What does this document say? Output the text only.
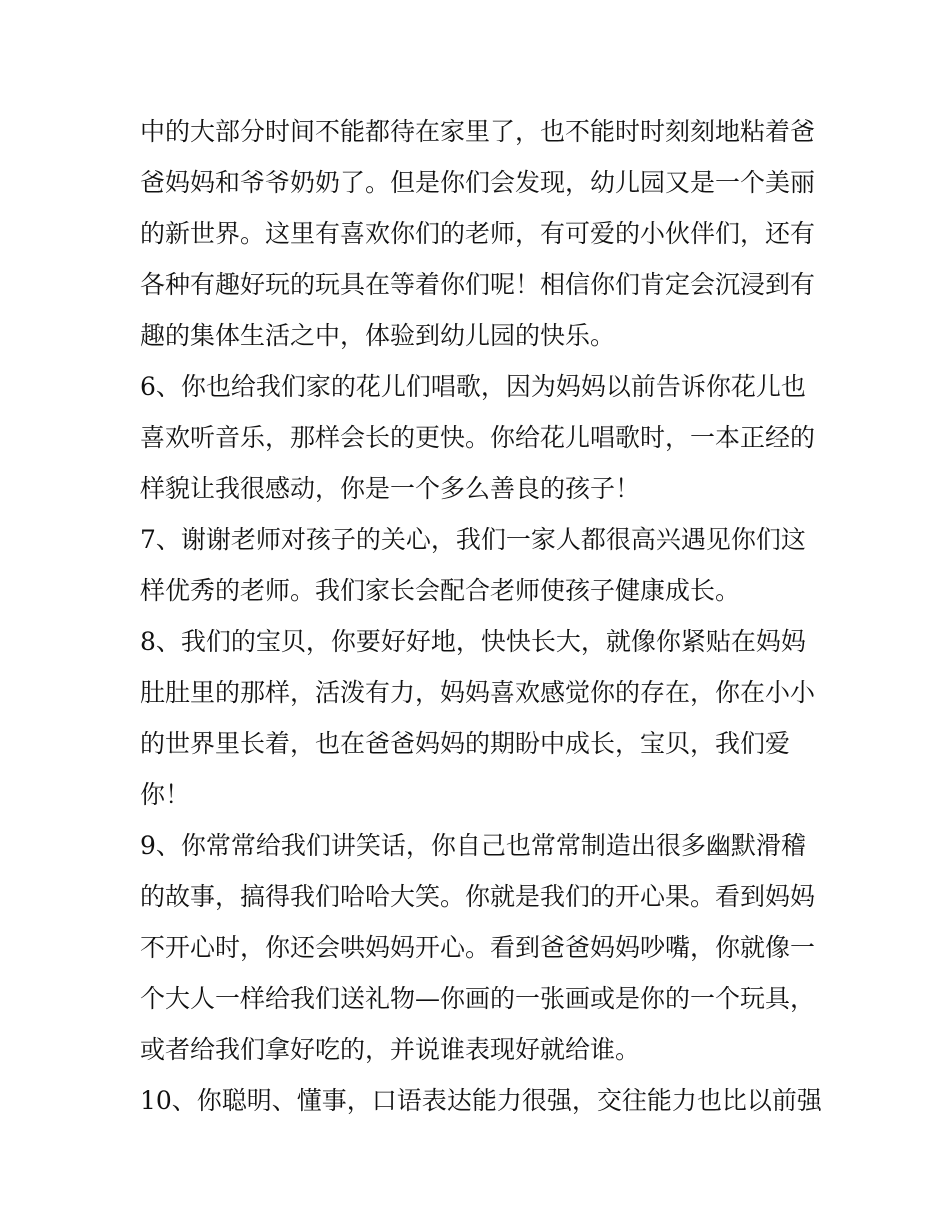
中的大部分时间不能都待在家里了，也不能时时刻刻地粘着爸
爸妈妈和爷爷奶奶了。但是你们会发现，幼儿园又是一个美丽
的新世界。这里有喜欢你们的老师，有可爱的小伙伴们，还有
各种有趣好玩的玩具在等着你们呢！相信你们肯定会沉浸到有
趣的集体生活之中，体验到幼儿园的快乐。

6、你也给我们家的花儿们唱歌，因为妈妈以前告诉你花儿也
喜欢听音乐，那样会长的更快。你给花儿唱歌时，一本正经的
样貌让我很感动，你是一个多么善良的孩子！

7、谢谢老师对孩子的关心，我们一家人都很高兴遇见你们这
样优秀的老师。我们家长会配合老师使孩子健康成长。

8、我们的宝贝，你要好好地，快快长大，就像你紧贴在妈妈
肚肚里的那样，活泼有力，妈妈喜欢感觉你的存在，你在小小
的世界里长着，也在爸爸妈妈的期盼中成长，宝贝，我们爱
你！

9、你常常给我们讲笑话，你自己也常常制造出很多幽默滑稽
的故事，搞得我们哈哈大笑。你就是我们的开心果。看到妈妈
不开心时，你还会哄妈妈开心。看到爸爸妈妈吵嘴，你就像一
个大人一样给我们送礼物—你画的一张画或是你的一个玩具，
或者给我们拿好吃的，并说谁表现好就给谁。

10、你聪明、懂事，口语表达能力很强，交往能力也比以前强
